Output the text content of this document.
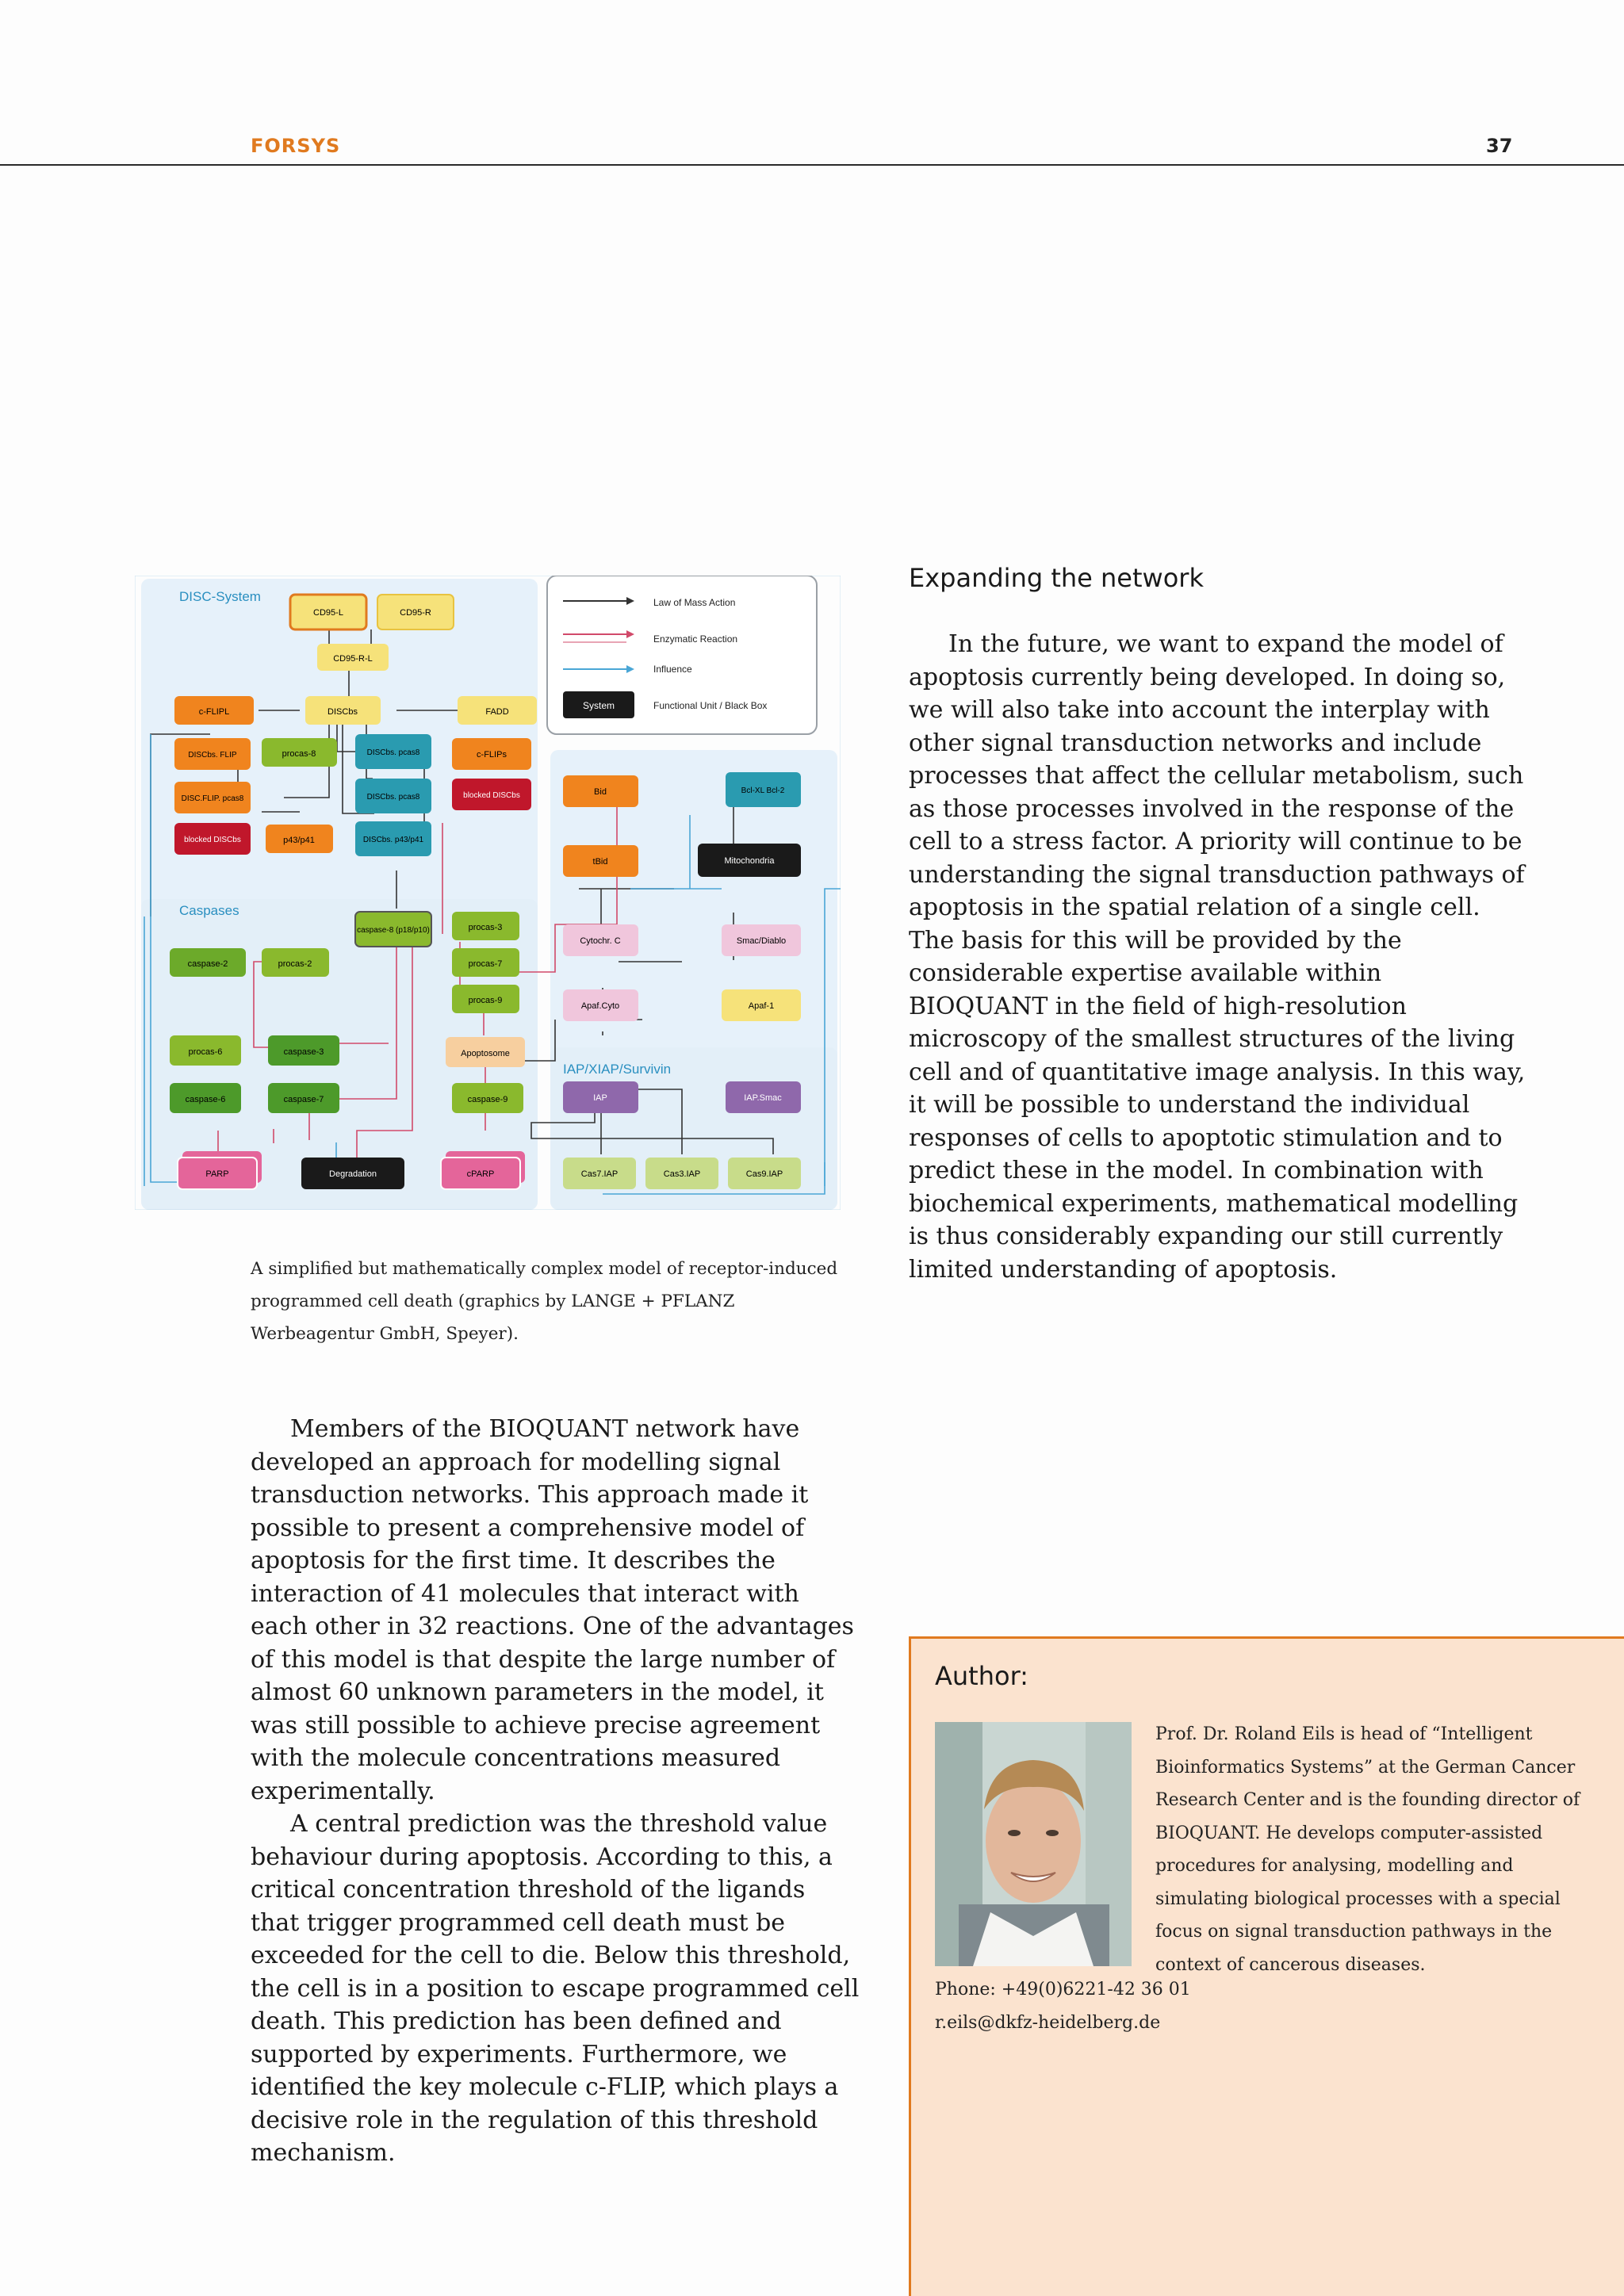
FORSYS	37
DISC-System
Caspases
IAP/XIAP/Survivin
Law of Mass Action
Enzymatic Reaction
Influence
System	Functional Unit / Black Box
CD95-L	CD95-R
CD95-R-L
c-FLIPL	DISCbs	FADD
DISCbs. FLIP	procas-8	DISCbs. pcas8	c-FLIPs
DISC.FLIP. pcas8	DISCbs. pcas8	blocked DISCbs
blocked DISCbs	p43/p41	DISCbs. p43/p41
Bid	Bcl-XL Bcl-2
tBid	Mitochondria
caspase-8 (p18/p10)	procas-3
procas-7
procas-9
caspase-2	procas-2
Cytochr. C	Smac/Diablo
Apaf.Cyto	Apaf-1
procas-6	caspase-3	Apoptosome
caspase-6	caspase-7	caspase-9	IAP	IAP.Smac
PARP	Degradation	cPARP	Cas7.IAP	Cas3.IAP	Cas9.IAP
A simplified but mathematically complex model of receptor-induced programmed cell death (graphics by LANGE + PFLANZ Werbeagentur GmbH, Speyer).

Members of the BIOQUANT network have developed an approach for modelling signal transduction networks. This approach made it possible to present a comprehensive model of apoptosis for the first time. It describes the interaction of 41 molecules that interact with each other in 32 reactions. One of the advantages of this model is that despite the large number of almost 60 unknown parameters in the model, it was still possible to achieve precise agreement with the molecule concentrations measured experimentally.

A central prediction was the threshold value behaviour during apoptosis. According to this, a critical concentration threshold of the ligands that trigger programmed cell death must be exceeded for the cell to die. Below this threshold, the cell is in a position to escape programmed cell death. This prediction has been defined and supported by experiments. Furthermore, we identified the key molecule c-FLIP, which plays a decisive role in the regulation of this threshold mechanism.

Expanding the network

In the future, we want to expand the model of apoptosis currently being developed. In doing so, we will also take into account the interplay with other signal transduction networks and include processes that affect the cellular metabolism, such as those processes involved in the response of the cell to a stress factor. A priority will continue to be understanding the signal transduction pathways of apoptosis in the spatial relation of a single cell. The basis for this will be provided by the considerable expertise available within BIOQUANT in the field of high-resolution microscopy of the smallest structures of the living cell and of quantitative image analysis. In this way, it will be possible to understand the individual responses of cells to apoptotic stimulation and to predict these in the model. In combination with biochemical experiments, mathematical modelling is thus considerably expanding our still currently limited understanding of apoptosis.

Author:
Prof. Dr. Roland Eils is head of “Intelligent Bioinformatics Systems” at the German Cancer Research Center and is the founding director of BIOQUANT. He develops computer-assisted procedures for analysing, modelling and simulating biological processes with a special focus on signal transduction pathways in the context of cancerous diseases.
Phone: +49(0)6221-42 36 01
r.eils@dkfz-heidelberg.de
